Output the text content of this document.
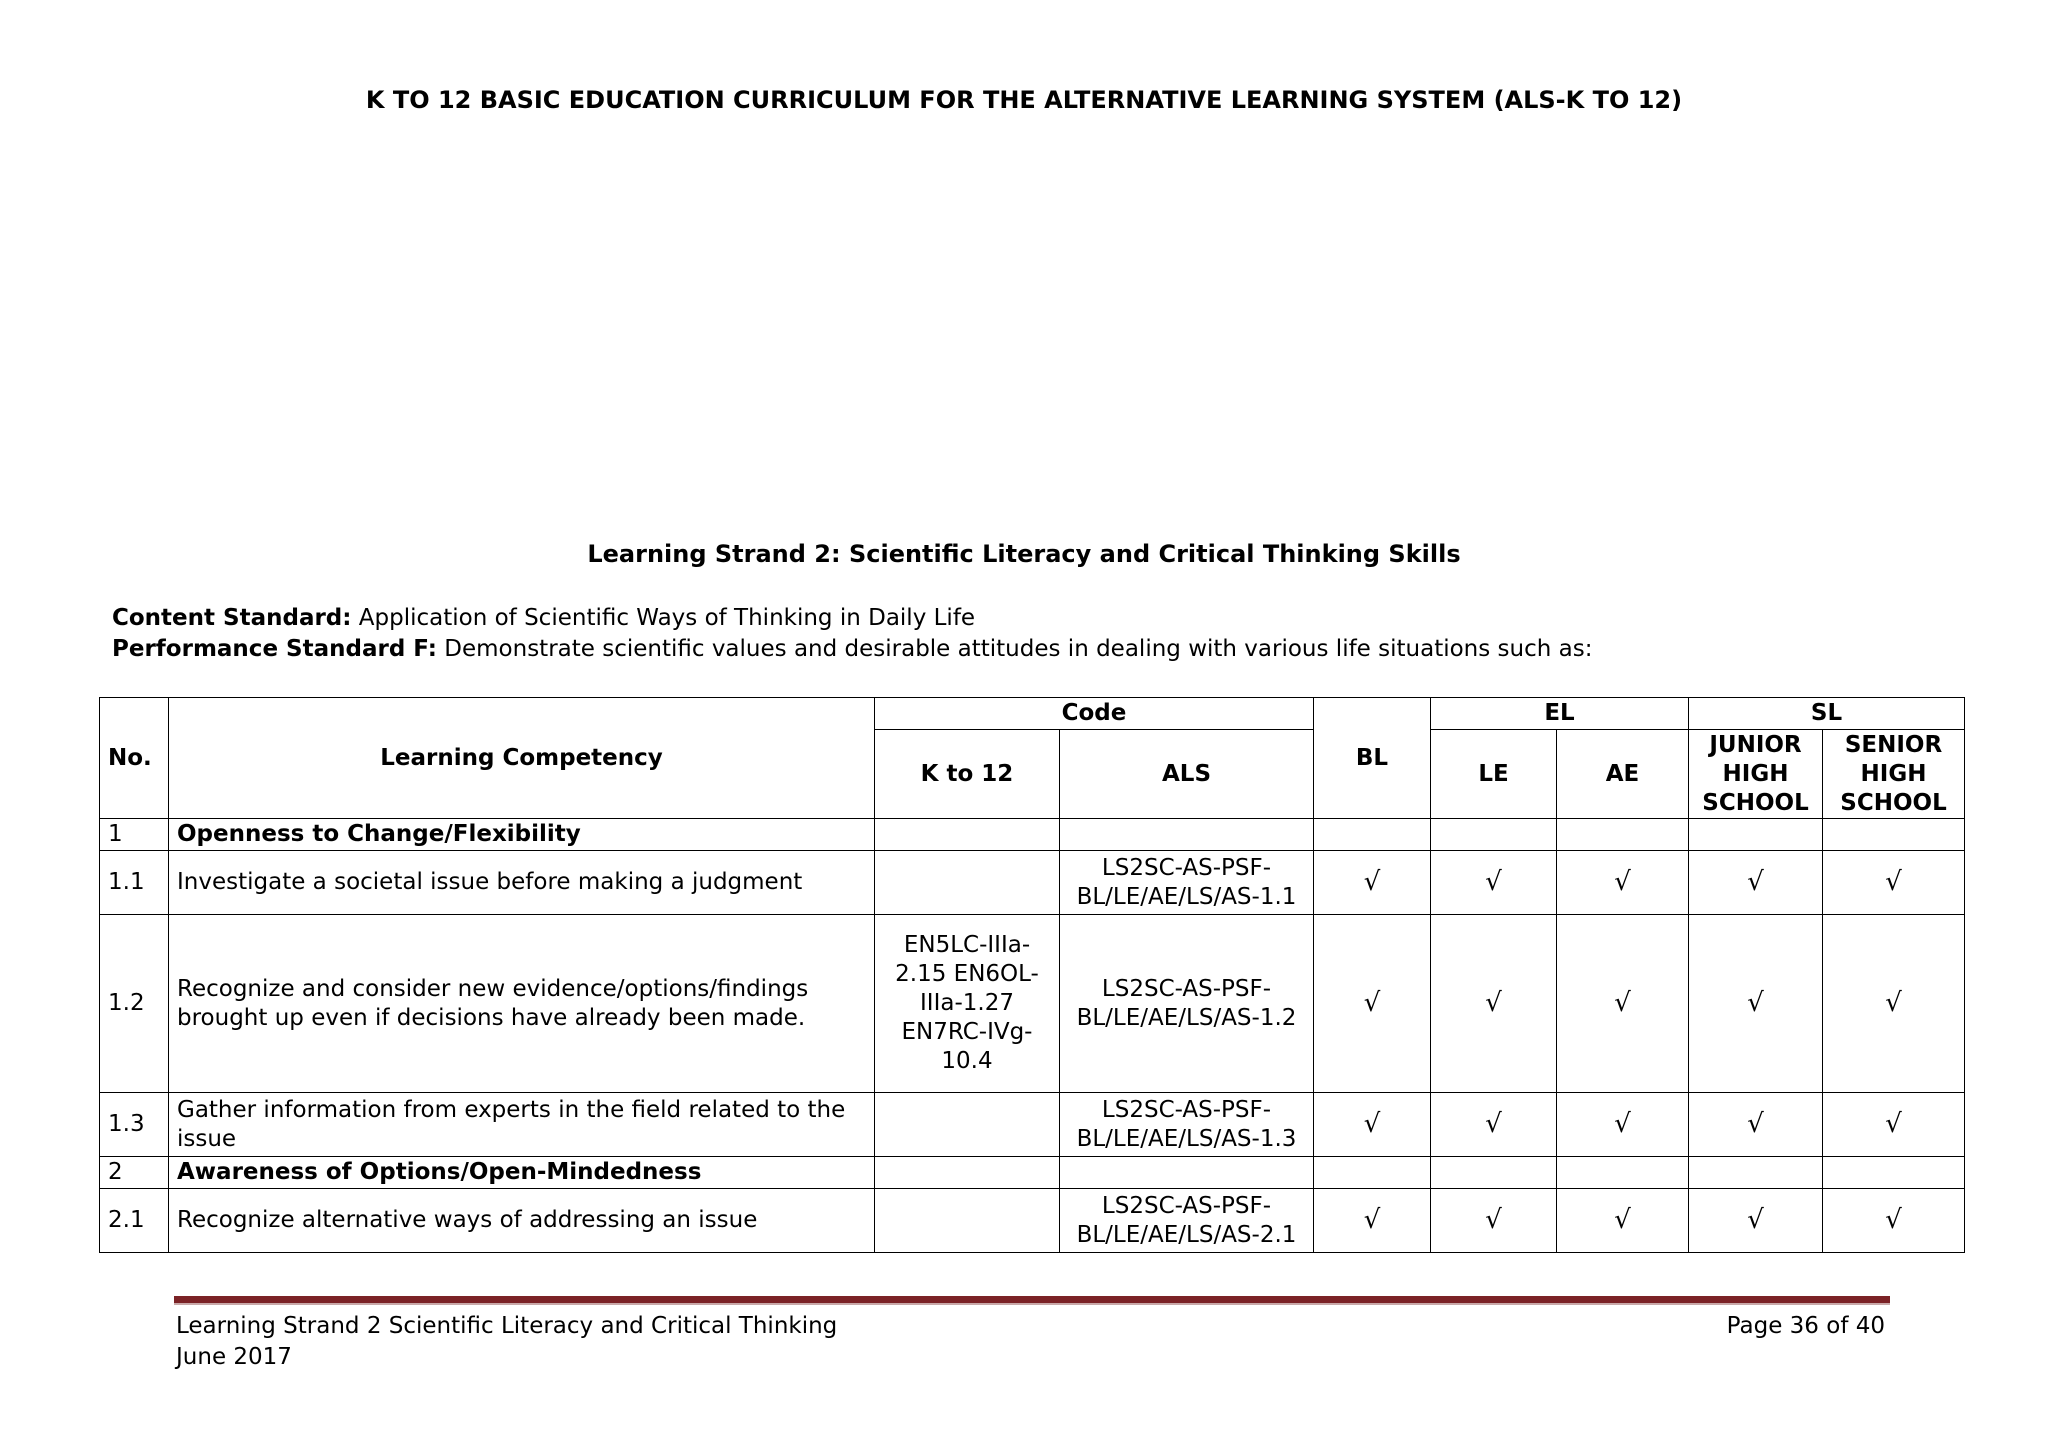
K TO 12 BASIC EDUCATION CURRICULUM FOR THE ALTERNATIVE LEARNING SYSTEM (ALS-K TO 12)
Learning Strand 2: Scientific Literacy and Critical Thinking Skills
Content Standard: Application of Scientific Ways of Thinking in Daily Life
Performance Standard F: Demonstrate scientific values and desirable attitudes in dealing with various life situations such as:
No.	Learning Competency	Code		BL	EL		SL	
		K to 12	ALS		LE	AE	JUNIOR HIGH SCHOOL	SENIOR HIGH SCHOOL
1	Openness to Change/Flexibility							
1.1	Investigate a societal issue before making a judgment		LS2SC-AS-PSF-BL/LE/AE/LS/AS-1.1	√	√	√	√	√
1.2	Recognize and consider new evidence/options/findings brought up even if decisions have already been made.	EN5LC-IIIa-2.15 EN6OL-IIIa-1.27 EN7RC-IVg-10.4	LS2SC-AS-PSF-BL/LE/AE/LS/AS-1.2	√	√	√	√	√
1.3	Gather information from experts in the field related to the issue		LS2SC-AS-PSF-BL/LE/AE/LS/AS-1.3	√	√	√	√	√
2	Awareness of Options/Open-Mindedness							
2.1	Recognize alternative ways of addressing an issue		LS2SC-AS-PSF-BL/LE/AE/LS/AS-2.1	√	√	√	√	√
Learning Strand 2 Scientific Literacy and Critical Thinking
June 2017
Page 36 of 40
